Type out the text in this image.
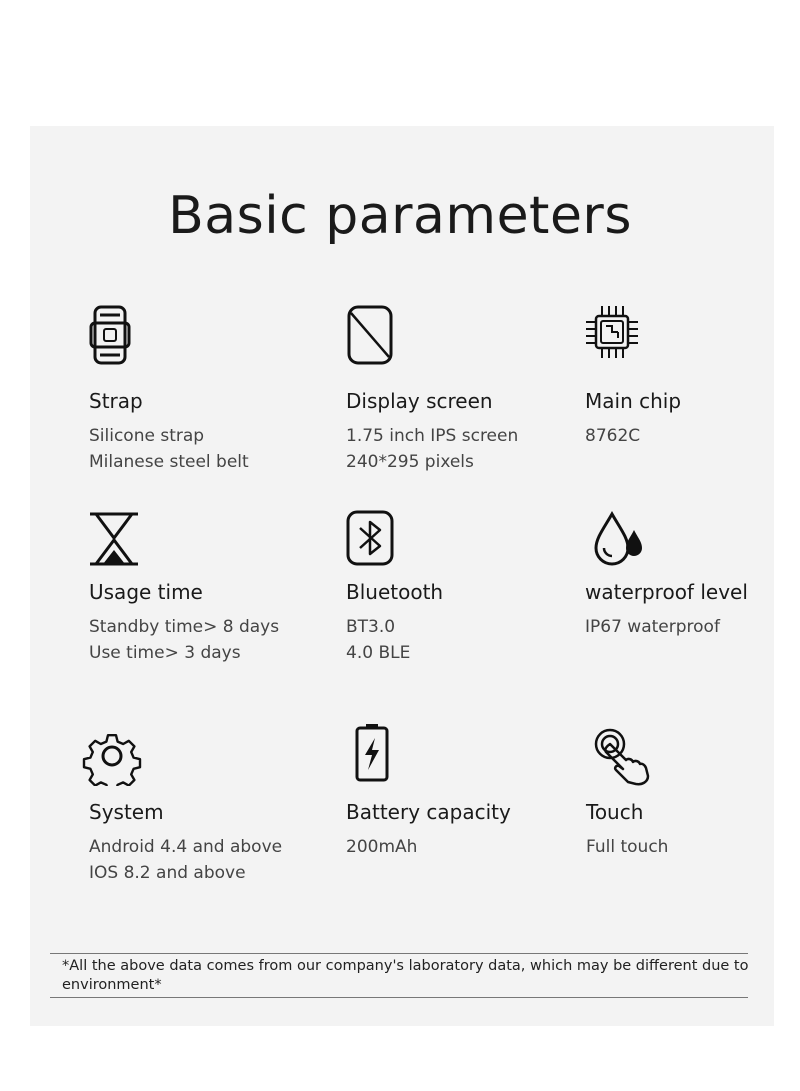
Basic parameters
Strap
Silicone strap
Milanese steel belt
Display screen
1.75 inch IPS screen
240*295 pixels
Main chip
8762C
Usage time
Standby time> 8 days
Use time> 3 days
Bluetooth
BT3.0
4.0 BLE
waterproof level
IP67 waterproof
System
Android 4.4 and above
IOS 8.2 and above
Battery capacity
200mAh
Touch
Full touch
*All the above data comes from our company's laboratory data, which may be different due to environment*
